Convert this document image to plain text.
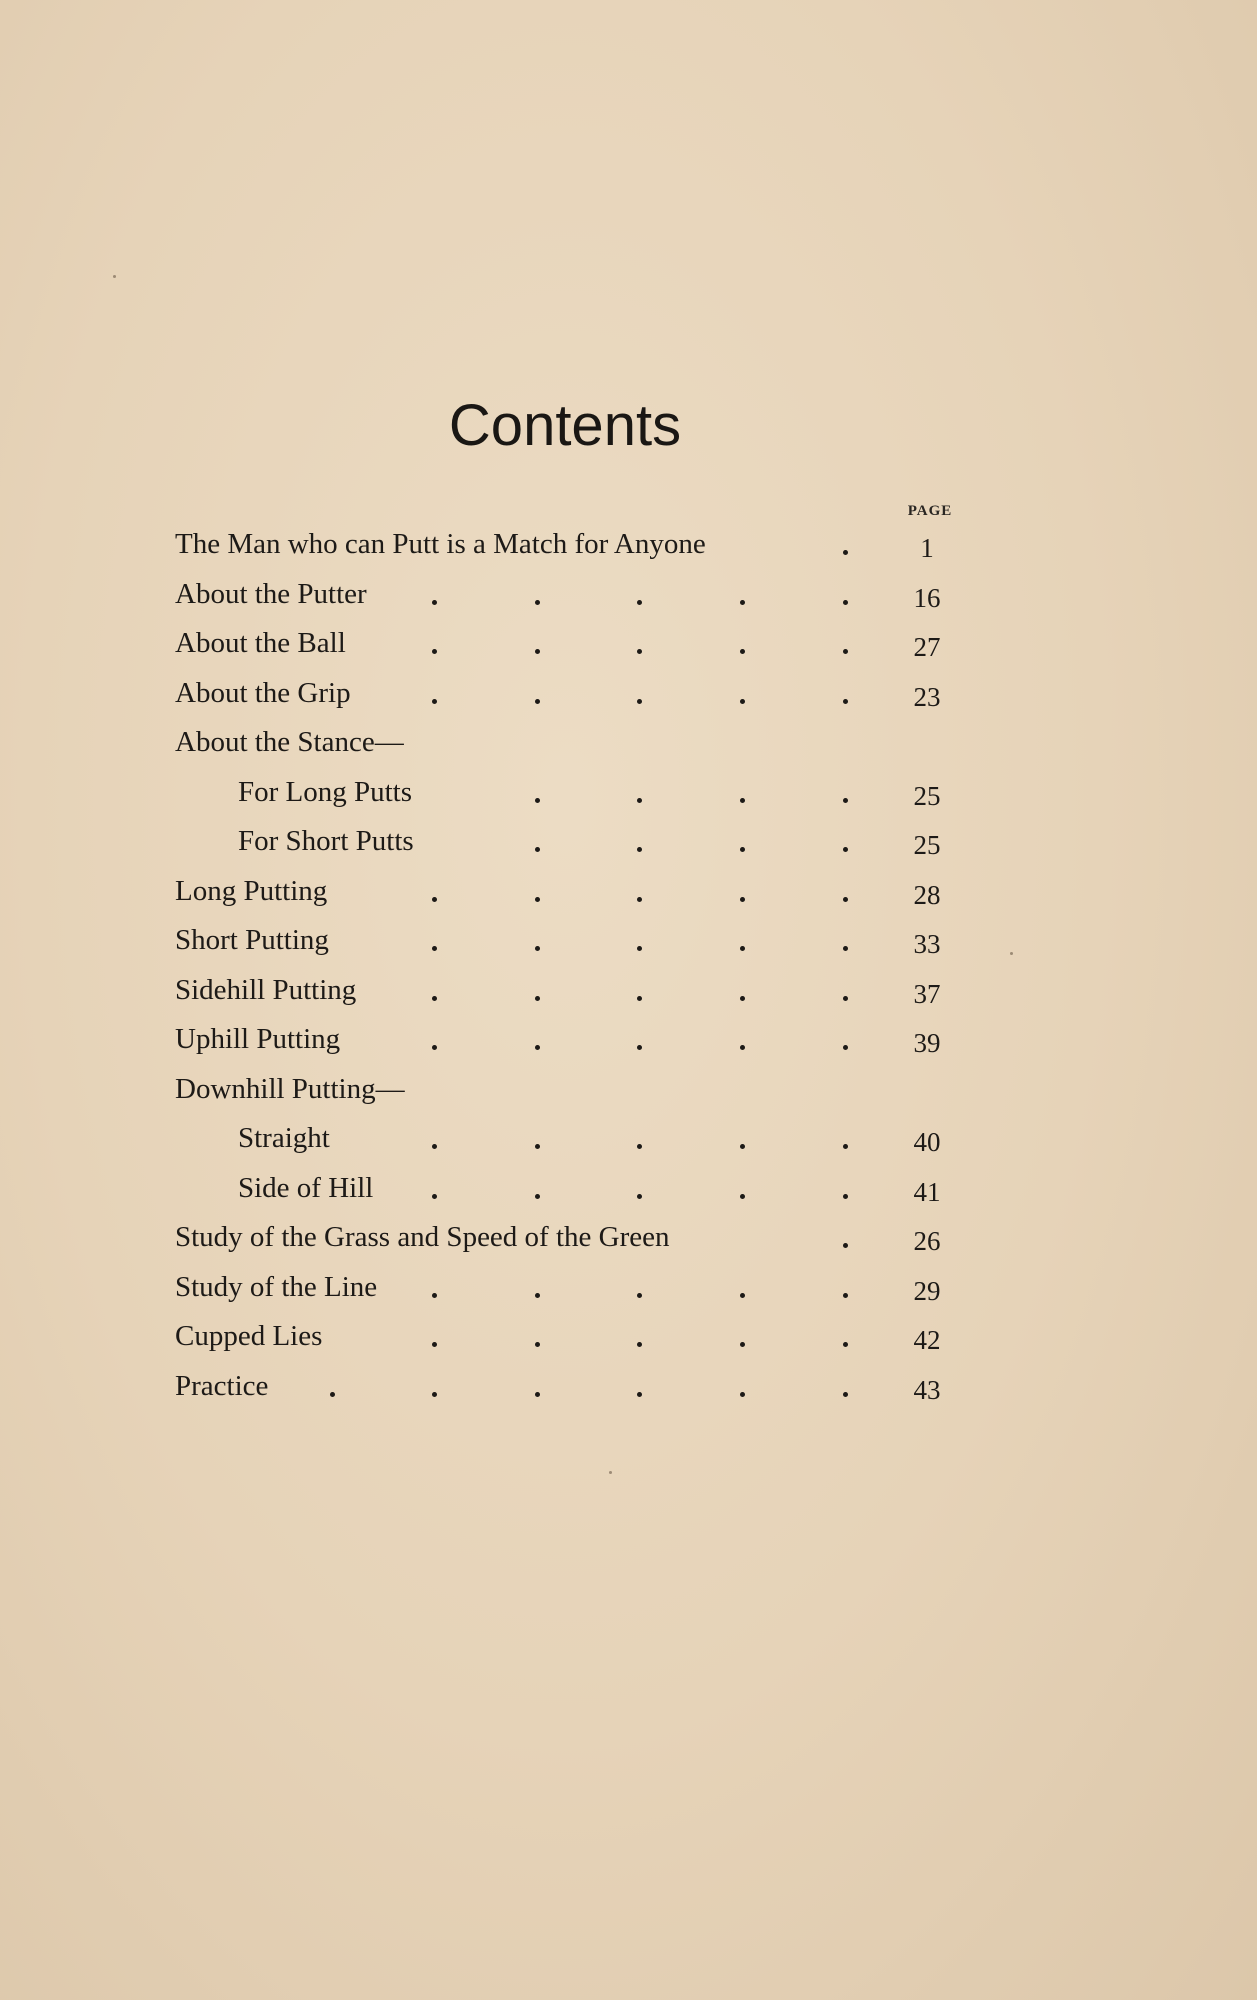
Contents
PAGE
The Man who can Putt is a Match for Anyone	1
About the Putter	16
About the Ball	27
About the Grip	23
About the Stance—
For Long Putts	25
For Short Putts	25
Long Putting	28
Short Putting	33
Sidehill Putting	37
Uphill Putting	39
Downhill Putting—
Straight	40
Side of Hill	41
Study of the Grass and Speed of the Green	26
Study of the Line	29
Cupped Lies	42
Practice	43
